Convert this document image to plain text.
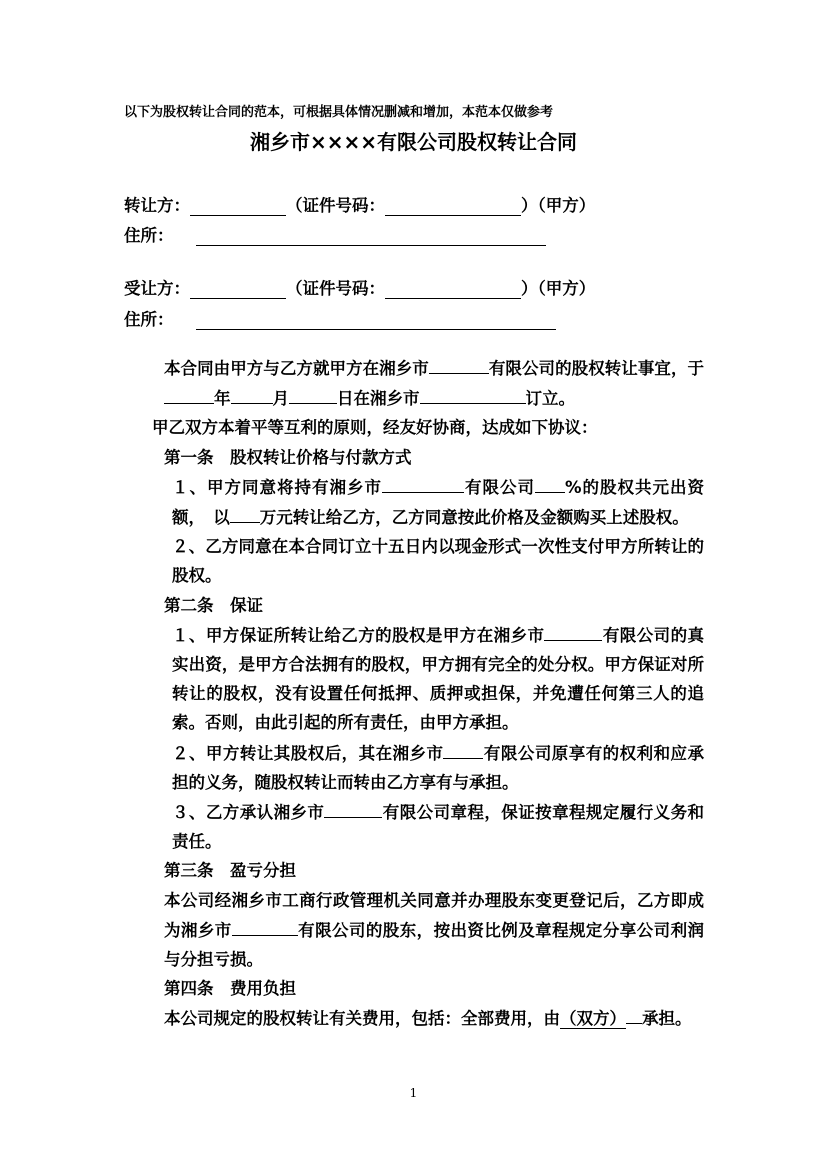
以下为股权转让合同的范本，可根据具体情况删减和增加，本范本仅做参考
湘乡市××××有限公司股权转让合同
转让方：	（证件号码：	）（甲方）
住所：
受让方：	（证件号码：	）（甲方）
住所：

本合同由甲方与乙方就甲方在湘乡市	有限公司的股权转让事宜，于年	月	日在湘乡市	订立。

甲乙双方本着平等互利的原则，经友好协商，达成如下协议：

第一条　股权转让价格与付款方式

１、甲方同意将持有湘乡市	有限公司 %的股权共元出资额，　以 万元转让给乙方，乙方同意按此价格及金额购买上述股权。

２、乙方同意在本合同订立十五日内以现金形式一次性支付甲方所转让的股权。

第二条　保证

１、甲方保证所转让给乙方的股权是甲方在湘乡市	有限公司的真实出资，是甲方合法拥有的股权，甲方拥有完全的处分权。甲方保证对所转让的股权，没有设置任何抵押、质押或担保，并免遭任何第三人的追索。否则，由此引起的所有责任，由甲方承担。

２、甲方转让其股权后，其在湘乡市 有限公司原享有的权利和应承担的义务，随股权转让而转由乙方享有与承担。

３、乙方承认湘乡市	有限公司章程，保证按章程规定履行义务和责任。

第三条　盈亏分担

本公司经湘乡市工商行政管理机关同意并办理股东变更登记后，乙方即成为湘乡市	有限公司的股东，按出资比例及章程规定分享公司利润与分担亏损。

第四条　费用负担

本公司规定的股权转让有关费用，包括：全部费用，由（双方） 承担。

1
